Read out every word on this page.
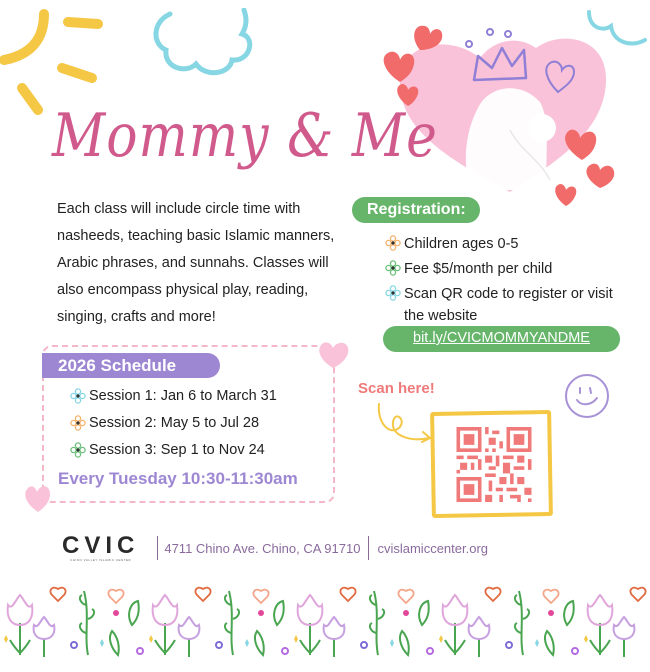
Mommy & Me

Each class will include circle time with nasheeds, teaching basic Islamic manners, Arabic phrases, and sunnahs. Classes will also encompass physical play, reading, singing, crafts and more!

Registration:
Children ages 0-5
Fee $5/month per child
Scan QR code to register or visit the website
bit.ly/CVICMOMMYANDME
2026 Schedule
Session 1: Jan 6 to March 31
Session 2: May 5 to Jul 28
Session 3: Sep 1 to Nov 24
Every Tuesday 10:30-11:30am
Scan here!
CVIC
CHINO VALLEY ISLAMIC CENTER
4711 Chino Ave. Chino, CA 91710 cvislamiccenter.org
